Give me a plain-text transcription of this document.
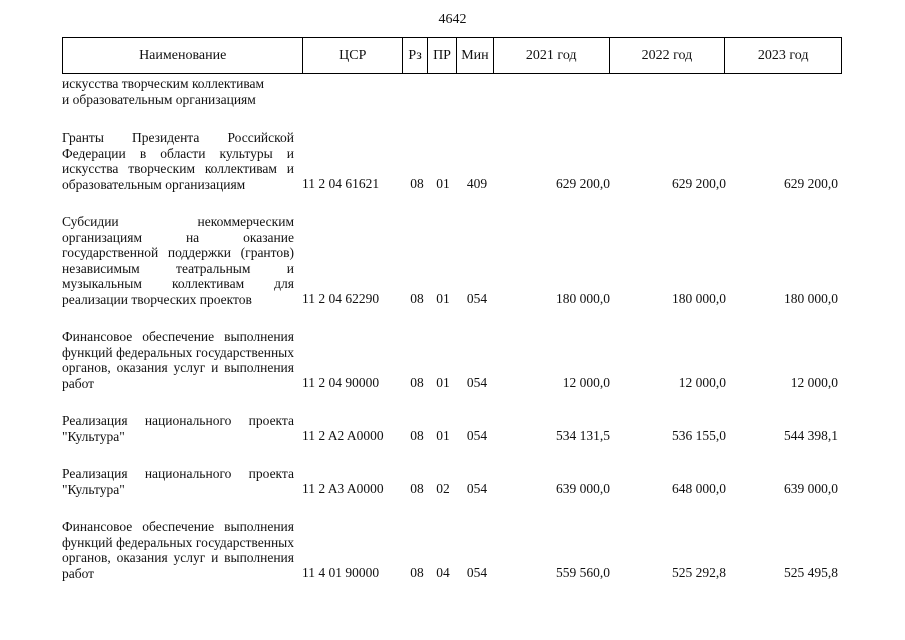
4642
Наименование	ЦСР	Рз ПР Мин	2021 год	2022 год	2023 год
искусства творческим коллективам
и образовательным организациям
Гранты Президента Российской Федерации в области культуры и искусства творческим коллективам и образовательным организациям	11 2 04 61621	08 01	409	629 200,0	629 200,0	629 200,0
Субсидии некоммерческим организациям на оказание государственной поддержки (грантов) независимым театральным и музыкальным коллективам для реализации творческих проектов	11 2 04 62290	08 01	054	180 000,0	180 000,0	180 000,0
Финансовое обеспечение выполнения функций федеральных государственных органов, оказания услуг и выполнения работ	11 2 04 90000	08 01	054	12 000,0	12 000,0	12 000,0
Реализация национального проекта "Культура"	11 2 A2 A0000	08 01	054	534 131,5	536 155,0	544 398,1
Реализация национального проекта "Культура"	11 2 A3 A0000	08 02	054	639 000,0	648 000,0	639 000,0
Финансовое обеспечение выполнения функций федеральных государственных органов, оказания услуг и выполнения работ	11 4 01 90000	08 04	054	559 560,0	525 292,8	525 495,8
